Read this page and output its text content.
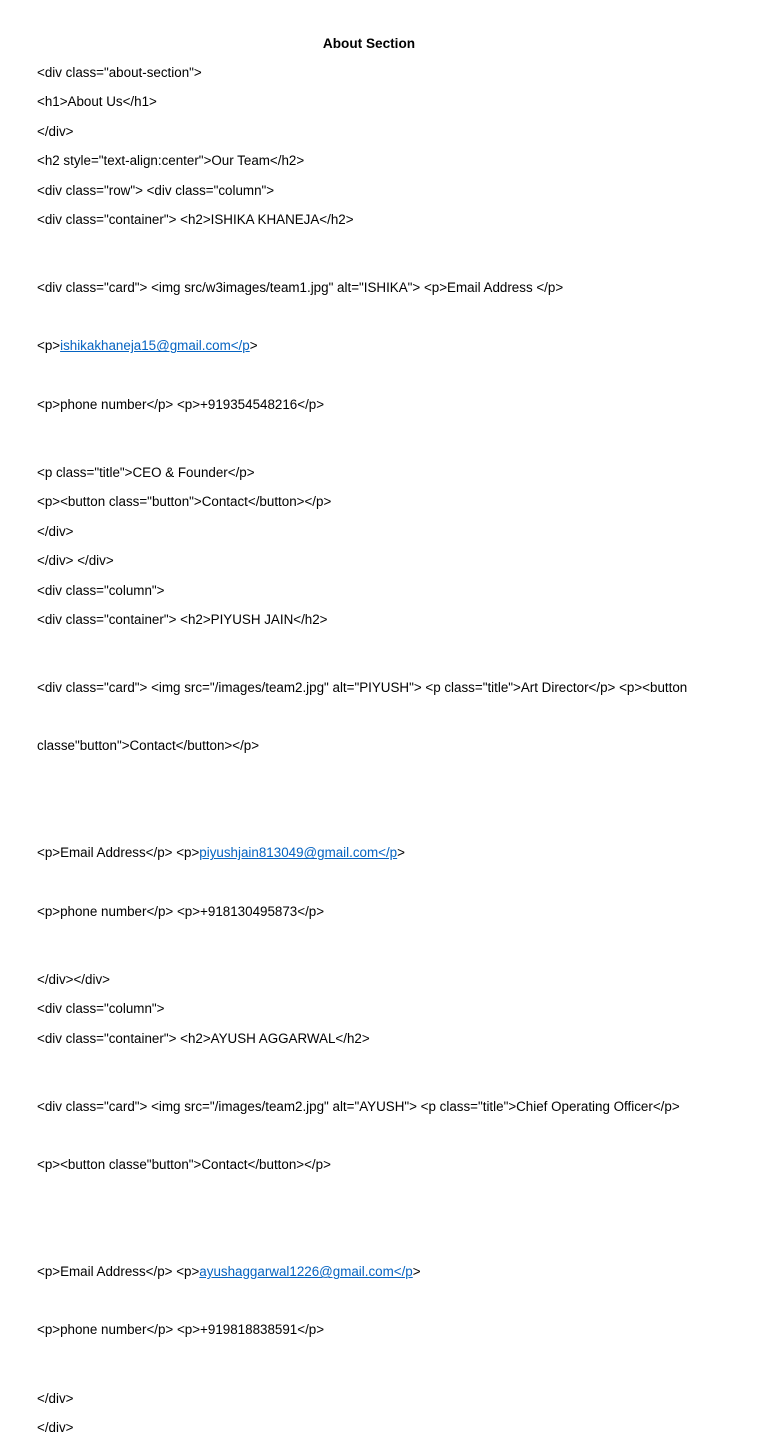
About Section

<div class="about-section">

<h1>About Us</h1>

</div>

<h2 style="text-align:center">Our Team</h2>

<div class="row"> <div class="column">

<div class="container"> <h2>ISHIKA KHANEJA</h2>

<div class="card"> <img src/w3images/team1.jpg" alt="ISHIKA"> <p>Email Address </p>

<p>ishikakhaneja15@gmail.com</p>

<p>phone number</p> <p>+919354548216</p>

<p class="title">CEO & Founder</p>

<p><button class="button">Contact</button></p>

</div>

</div> </div>

<div class="column">

<div class="container"> <h2>PIYUSH JAIN</h2>

<div class="card"> <img src="/images/team2.jpg" alt="PIYUSH"> <p class="title">Art Director</p> <p><button

classe"button">Contact</button></p>

<p>Email Address</p> <p>piyushjain813049@gmail.com</p>

<p>phone number</p> <p>+918130495873</p>

</div></div>

<div class="column">

<div class="container"> <h2>AYUSH AGGARWAL</h2>

<div class="card"> <img src="/images/team2.jpg" alt="AYUSH"> <p class="title">Chief Operating Officer</p>

<p><button classe"button">Contact</button></p>

<p>Email Address</p> <p>ayushaggarwal1226@gmail.com</p>

<p>phone number</p> <p>+919818838591</p>

</div>

</div>
